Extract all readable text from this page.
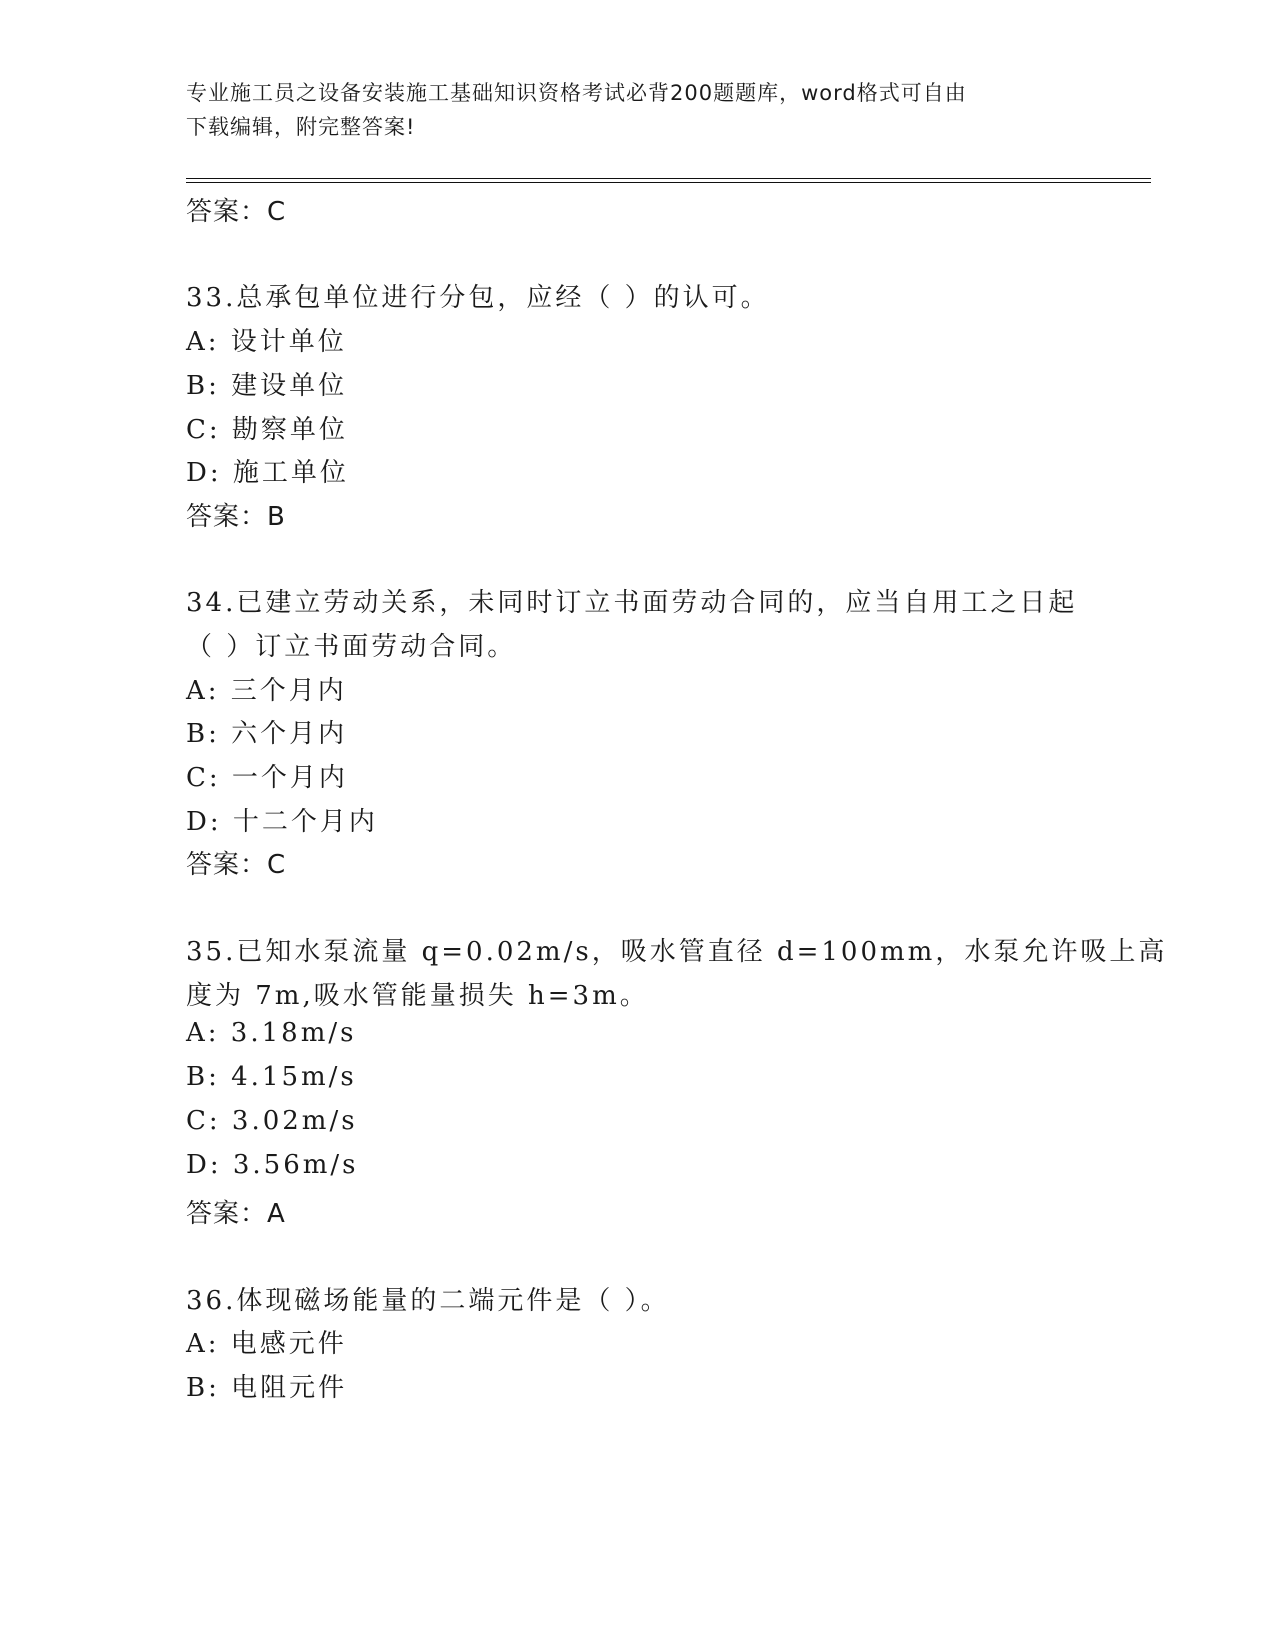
专业施工员之设备安装施工基础知识资格考试必背200题题库，word格式可自由
下载编辑，附完整答案!
答案：C
33.总承包单位进行分包，应经（ ）的认可。
A: 设计单位
B: 建设单位
C: 勘察单位
D: 施工单位
答案：B
34.已建立劳动关系，未同时订立书面劳动合同的，应当自用工之日起
（ ）订立书面劳动合同。
A: 三个月内
B: 六个月内
C: 一个月内
D: 十二个月内
答案：C
35.已知水泵流量 q=0.02m/s，吸水管直径 d=100mm，水泵允许吸上高
度为 7m,吸水管能量损失 h=3m。
A: 3.18m/s
B: 4.15m/s
C: 3.02m/s
D: 3.56m/s
答案：A
36.体现磁场能量的二端元件是（ ）。
A: 电感元件
B: 电阻元件
